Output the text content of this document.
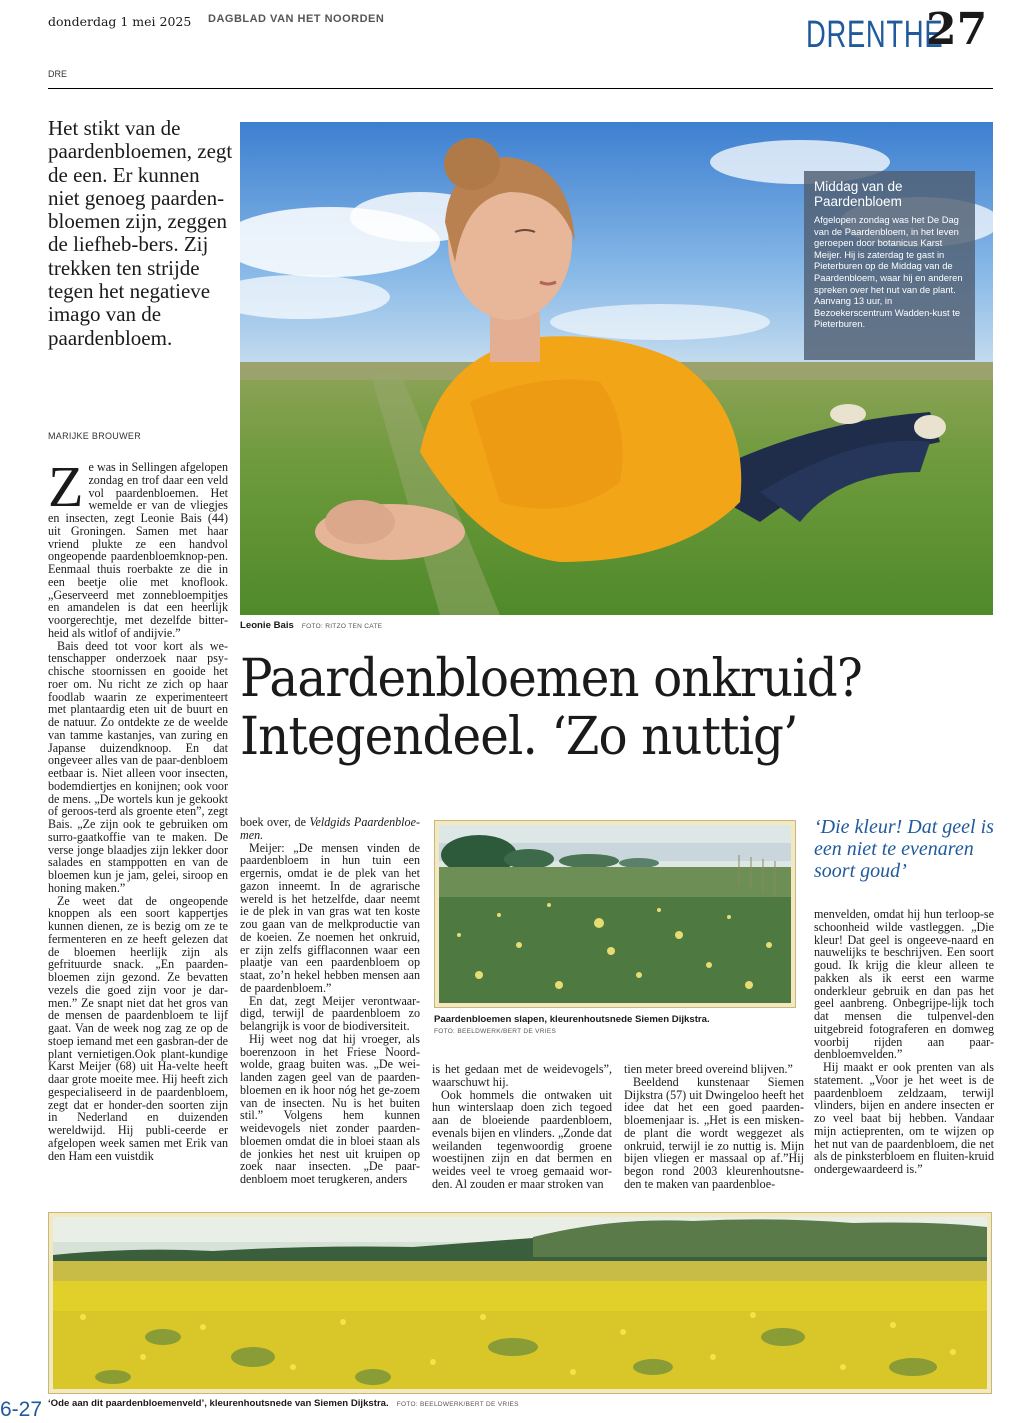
donderdag 1 mei 2025 DAGBLAD VAN HET NOORDEN	DRENTHE
27
DRE
Het stikt van de paardenbloemen, zegt de een. Er kunnen niet genoeg paarden-bloemen zijn, zeggen de liefheb-bers. Zij trekken ten strijde tegen het negatieve imago van de paardenbloem.
MARIJKE BROUWER
Z e was in Sellingen afgelopen zondag en trof daar een veld vol paardenbloemen. Het wemelde er van de vliegjes en insecten, zegt Leonie Bais (44) uit Groningen. Samen met haar vriend plukte ze een handvol ongeopende paardenbloemknop-pen. Eenmaal thuis roerbakte ze die in een beetje olie met knoflook. „Geserveerd met zonnebloempitjes en amandelen is dat een heerlijk voorgerechtje, met dezelfde bitter-heid als witlof of andijvie.”

Bais deed tot voor kort als we-tenschapper onderzoek naar psy-chische stoornissen en gooide het roer om. Nu richt ze zich op haar foodlab waarin ze experimenteert met plantaardig eten uit de buurt en de natuur. Zo ontdekte ze de weelde van tamme kastanjes, van zuring en Japanse duizendknoop. En dat ongeveer alles van de paar-denbloem eetbaar is. Niet alleen voor insecten, bodemdiertjes en konijnen; ook voor de mens. „De wortels kun je gekookt of geroos-terd als groente eten”, zegt Bais. „Ze zijn ook te gebruiken om surro-gaatkoffie van te maken. De verse jonge blaadjes zijn lekker door salades en stamppotten en van de bloemen kun je jam, gelei, siroop en honing maken.”

Ze weet dat de ongeopende knoppen als een soort kappertjes kunnen dienen, ze is bezig om ze te fermenteren en ze heeft gelezen dat de bloemen heerlijk zijn als gefrituurde snack. „En paarden-bloemen zijn gezond. Ze bevatten vezels die goed zijn voor je dar-men.” Ze snapt niet dat het gros van de mensen de paardenbloem te lijf gaat. Van de week nog zag ze op de stoep iemand met een gasbran-der de plant vernietigen.Ook plant-kundige Karst Meijer (68) uit Ha-velte heeft daar grote moeite mee. Hij heeft zich gespecialiseerd in de paardenbloem, zegt dat er honder-den soorten zijn in Nederland en duizenden wereldwijd. Hij publi-ceerde er afgelopen week samen met Erik van den Ham een vuistdik

Middag van de Paardenbloem

Afgelopen zondag was het De Dag van de Paardenbloem, in het leven geroepen door botanicus Karst Meijer. Hij is zaterdag te gast in Pieterburen op de Middag van de Paardenbloem, waar hij en anderen spreken over het nut van de plant. Aanvang 13 uur, in Bezoekerscentrum Wadden-kust te Pieterburen.

Leonie Bais FOTO: RITZO TEN CATE
Paardenbloemen onkruid?
Integendeel. ‘Zo nuttig’

boek over, de Veldgids Paardenbloe-men.

Meijer: „De mensen vinden de paardenbloem in hun tuin een ergernis, omdat ie de plek van het gazon inneemt. In de agrarische wereld is het hetzelfde, daar neemt ie de plek in van gras wat ten koste zou gaan van de melkproductie van de koeien. Ze noemen het onkruid, er zijn zelfs gifflaconnen waar een plaatje van een paardenbloem op staat, zo’n hekel hebben mensen aan de paardenbloem.”

En dat, zegt Meijer verontwaar-digd, terwijl de paardenbloem zo belangrijk is voor de biodiversiteit.

Hij weet nog dat hij vroeger, als boerenzoon in het Friese Noord-wolde, graag buiten was. „De wei-landen zagen geel van de paarden-bloemen en ik hoor nóg het ge-zoem van de insecten. Nu is het buiten stil.” Volgens hem kunnen weidevogels niet zonder paarden-bloemen omdat die in bloei staan als de jonkies het nest uit kruipen op zoek naar insecten. „De paar-denbloem moet terugkeren, anders

Paardenbloemen slapen, kleurenhoutsnede Siemen Dijkstra.
FOTO: BEELDWERK/BERT DE VRIES

is het gedaan met de weidevogels”, waarschuwt hij.

Ook hommels die ontwaken uit hun winterslaap doen zich tegoed aan de bloeiende paardenbloem, evenals bijen en vlinders. „Zonde dat weilanden tegenwoordig groene woestijnen zijn en dat bermen en weides veel te vroeg gemaaid wor-den. Al zouden er maar stroken van

tien meter breed overeind blijven.”

Beeldend kunstenaar Siemen Dijkstra (57) uit Dwingeloo heeft het idee dat het een goed paarden-bloemenjaar is. „Het is een misken-de plant die wordt weggezet als onkruid, terwijl ie zo nuttig is. Mijn bijen vliegen er massaal op af.”Hij begon rond 2003 kleurenhoutsne-den te maken van paardenbloe-

‘Die kleur! Dat geel is een niet te evenaren soort goud’

menvelden, omdat hij hun terloop-se schoonheid wilde vastleggen. „Die kleur! Dat geel is ongeeve-naard en nauwelijks te beschrijven. Een soort goud. Ik krijg die kleur alleen te pakken als ik eerst een warme onderkleur gebruik en dan pas het geel aanbreng. Onbegrijpe-lijk toch dat mensen die tulpenvel-den uitgebreid fotograferen en domweg voorbij rijden aan paar-denbloemvelden.”

Hij maakt er ook prenten van als statement. „Voor je het weet is de paardenbloem zeldzaam, terwijl vlinders, bijen en andere insecten er zo veel baat bij hebben. Vandaar mijn actieprenten, om te wijzen op het nut van de paardenbloem, die net als de pinksterbloem en fluiten-kruid ondergewaardeerd is.”

‘Ode aan dit paardenbloemenveld’, kleurenhoutsnede van Siemen Dijkstra. FOTO: BEELDWERK/BERT DE VRIES
6-27
